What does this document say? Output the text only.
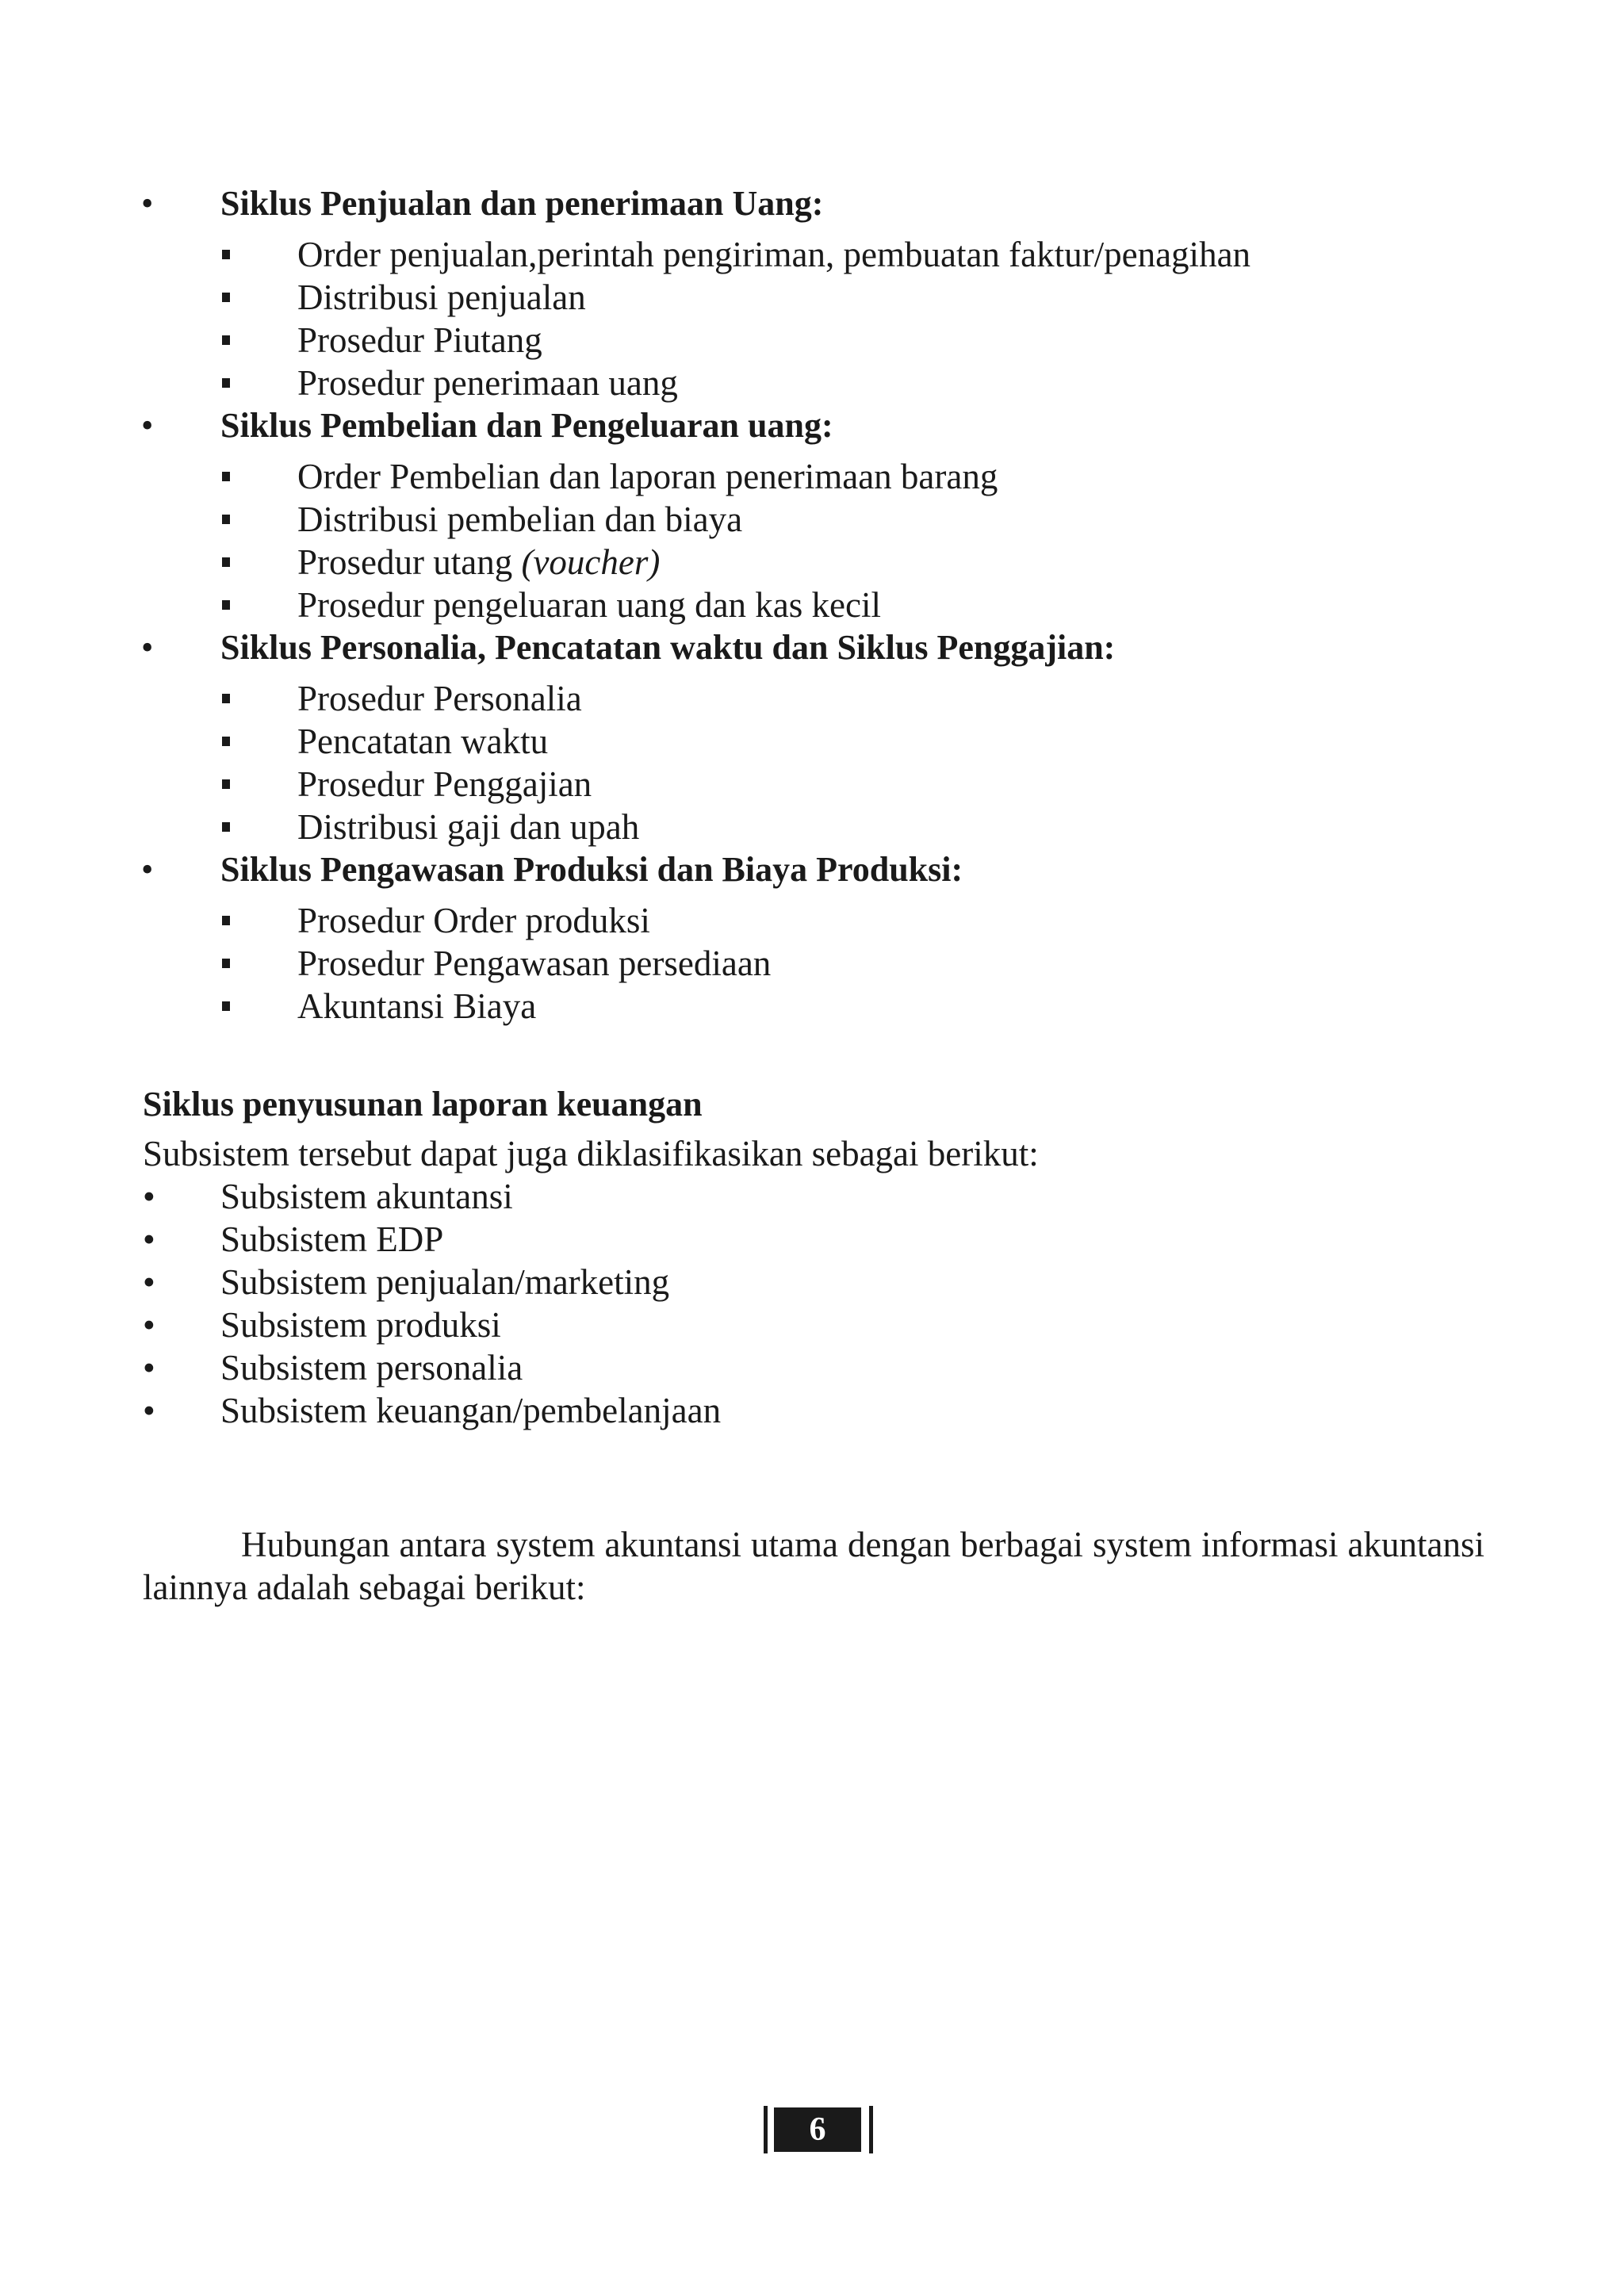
• Siklus Penjualan dan penerimaan Uang:
Order penjualan,perintah pengiriman, pembuatan faktur/penagihan
Distribusi penjualan
Prosedur Piutang
Prosedur penerimaan uang
• Siklus Pembelian dan Pengeluaran uang:
Order Pembelian dan laporan penerimaan barang
Distribusi pembelian dan biaya
Prosedur utang (voucher)
Prosedur pengeluaran uang dan kas kecil
• Siklus Personalia, Pencatatan waktu dan Siklus Penggajian:
Prosedur Personalia
Pencatatan waktu
Prosedur Penggajian
Distribusi gaji dan upah
• Siklus Pengawasan Produksi dan Biaya Produksi:
Prosedur Order produksi
Prosedur Pengawasan persediaan
Akuntansi Biaya
Siklus penyusunan laporan keuangan
Subsistem tersebut dapat juga diklasifikasikan sebagai berikut:
• Subsistem akuntansi
• Subsistem EDP
• Subsistem penjualan/marketing
• Subsistem produksi
• Subsistem personalia
• Subsistem keuangan/pembelanjaan

Hubungan antara system akuntansi utama dengan berbagai system informasi akuntansi lainnya adalah sebagai berikut:

6
